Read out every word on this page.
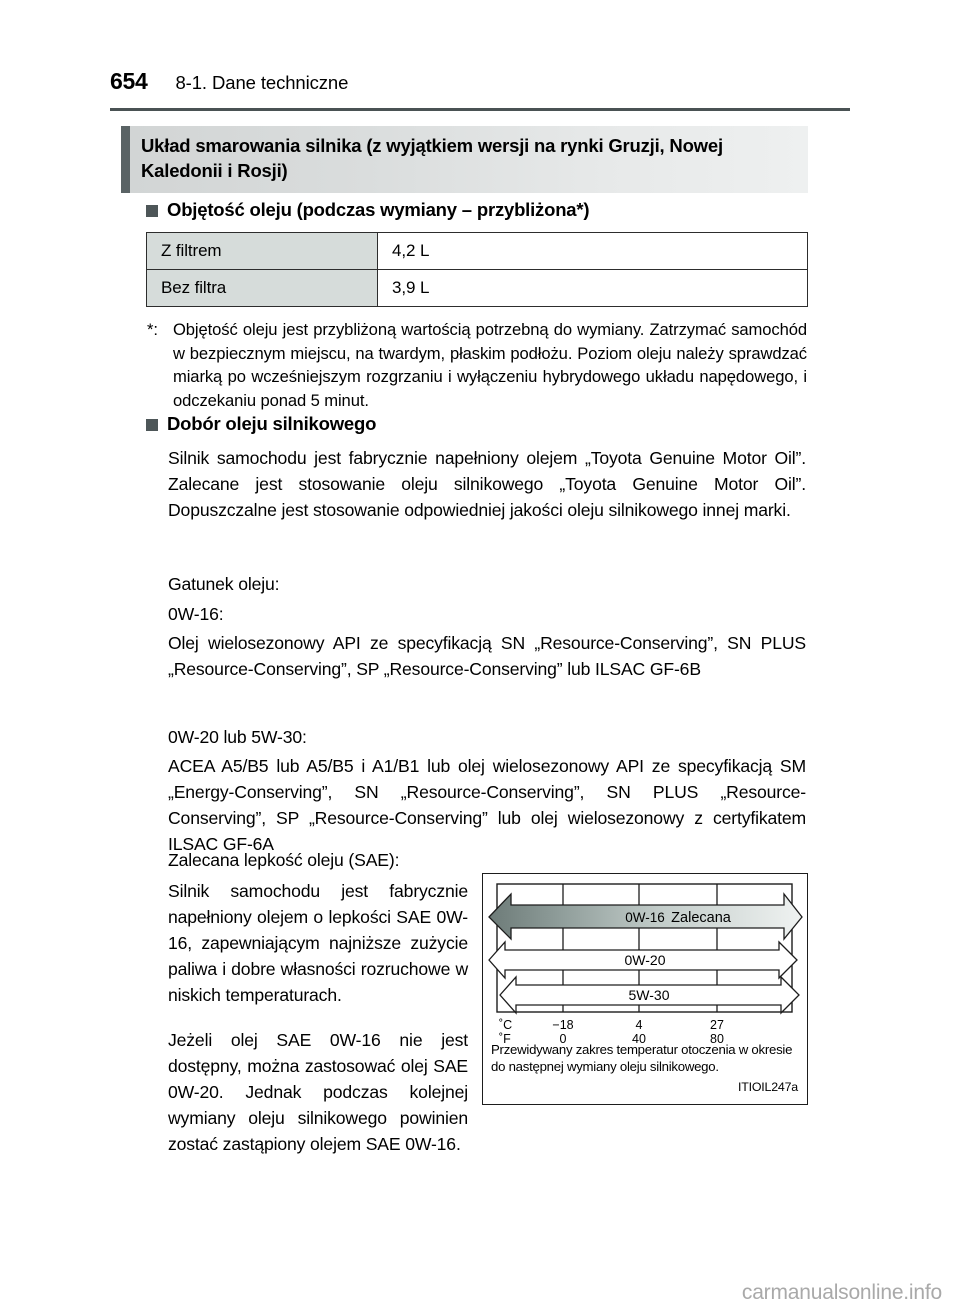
654 8-1. Dane techniczne
Układ smarowania silnika (z wyjątkiem wersji na rynki Gruzji, Nowej Kaledonii i Rosji)
Objętość oleju (podczas wymiany – przybliżona*)
Z filtrem	4,2 L
Bez filtra	3,9 L
*: Objętość oleju jest przybliżoną wartością potrzebną do wymiany. Zatrzymać samochód w bezpiecznym miejscu, na twardym, płaskim podłożu. Poziom oleju należy sprawdzać miarką po wcześniejszym rozgrzaniu i wyłączeniu hybrydowego układu napędowego, i odczekaniu ponad 5 minut.
Dobór oleju silnikowego
Silnik samochodu jest fabrycznie napełniony olejem „Toyota Genuine Motor Oil”. Zalecane jest stosowanie oleju silnikowego „Toyota Genuine Motor Oil”. Dopuszczalne jest stosowanie odpowiedniej jakości oleju silnikowego innej marki.
Gatunek oleju:
0W-16:
Olej wielosezonowy API ze specyfikacją SN „Resource-Conserving”, SN PLUS „Resource-Conserving”, SP „Resource-Conserving” lub ILSAC GF-6B
0W-20 lub 5W-30:
ACEA A5/B5 lub A5/B5 i A1/B1 lub olej wielosezonowy API ze specyfikacją SM „Energy-Conserving”, SN „Resource-Conserving”, SN PLUS „Resource-Conserving”, SP „Resource-Conserving” lub olej wielosezonowy z certyfikatem ILSAC GF-6A
Zalecana lepkość oleju (SAE):

Silnik samochodu jest fabrycznie napełniony olejem o lepkości SAE 0W-16, zapewniającym najniższe zużycie paliwa i dobre własności rozruchowe w niskich temperaturach.

Jeżeli olej SAE 0W-16 nie jest dostępny, można zastosować olej SAE 0W-20. Jednak podczas kolejnej wymiany oleju silnikowego powinien zostać zastąpiony olejem SAE 0W-16.

0W-16 Zalecana
0W-20
5W-30
˚C	−18	4	27
˚F	0	40	80
Przewidywany zakres temperatur otoczenia w okresie do następnej wymiany oleju silnikowego.
ITIOIL247a
carmanualsonline.info
